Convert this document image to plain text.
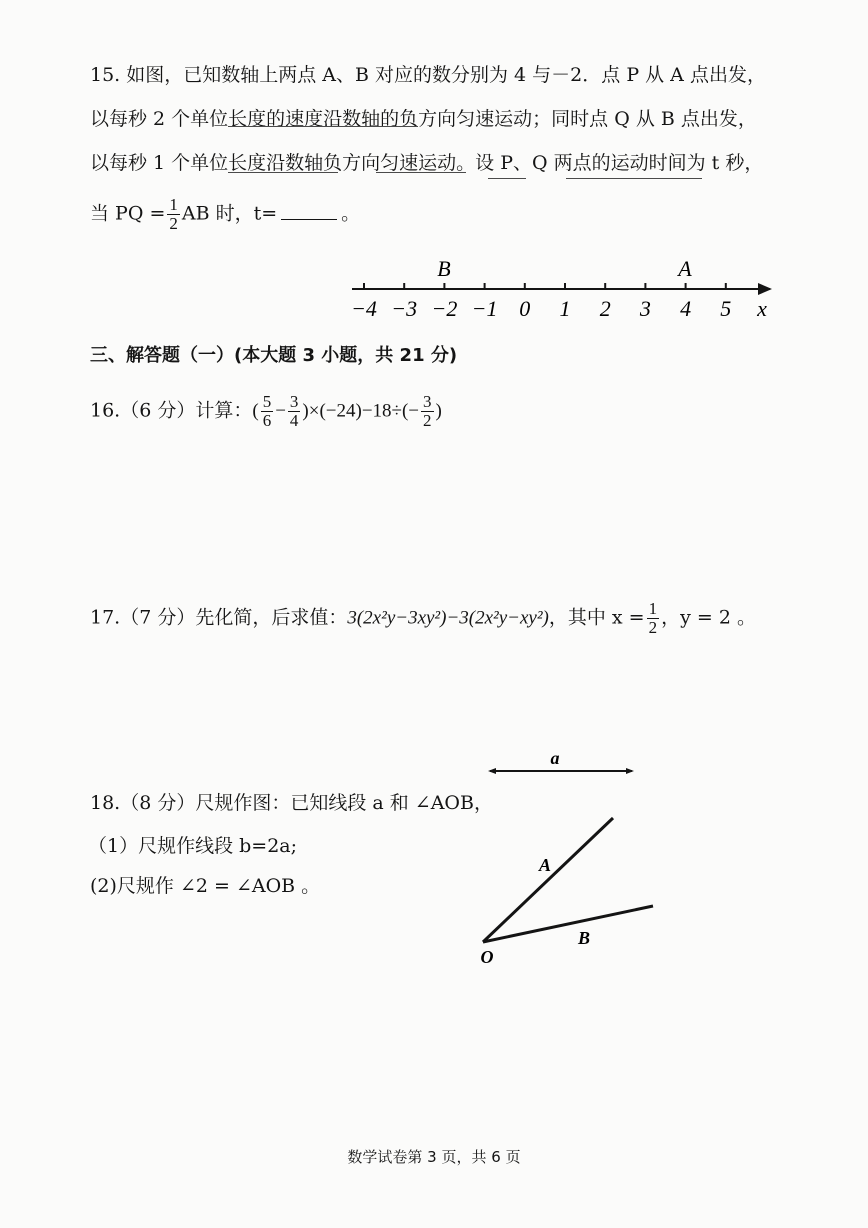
15. 如图，已知数轴上两点 A、B 对应的数分别为 4 与－2．点 P 从 A 点出发，
以每秒 2 个单位长度的速度沿数轴的负方向匀速运动；同时点 Q 从 B 点出发，
以每秒 1 个单位长度沿数轴负方向匀速运动。设 P、Q 两点的运动时间为 t 秒，
当 PQ = $\frac{1}{2}$ AB 时，t=	。
−4 −3 −2 −1 0 1 2 3 4 5
B	A
x
三、解答题（一）(本大题 3 小题，共 21 分)
16.（6 分）计算：( $\frac{5}{6} - \frac{3}{4} )\times(-24)-18\div(- \frac{3}{2}$ )
17.（7 分）先化简，后求值：3(2x²y−3xy²)−3(2x²y−xy²)，其中 $x = \frac{1}{2}$ ，y = 2 。
18.（8 分）尺规作图：已知线段 a 和 ∠AOB，
（1）尺规作线段 b=2a;
(2)尺规作 ∠2 = ∠AOB 。
a
A
B
O
数学试卷第 3 页，共 6 页
